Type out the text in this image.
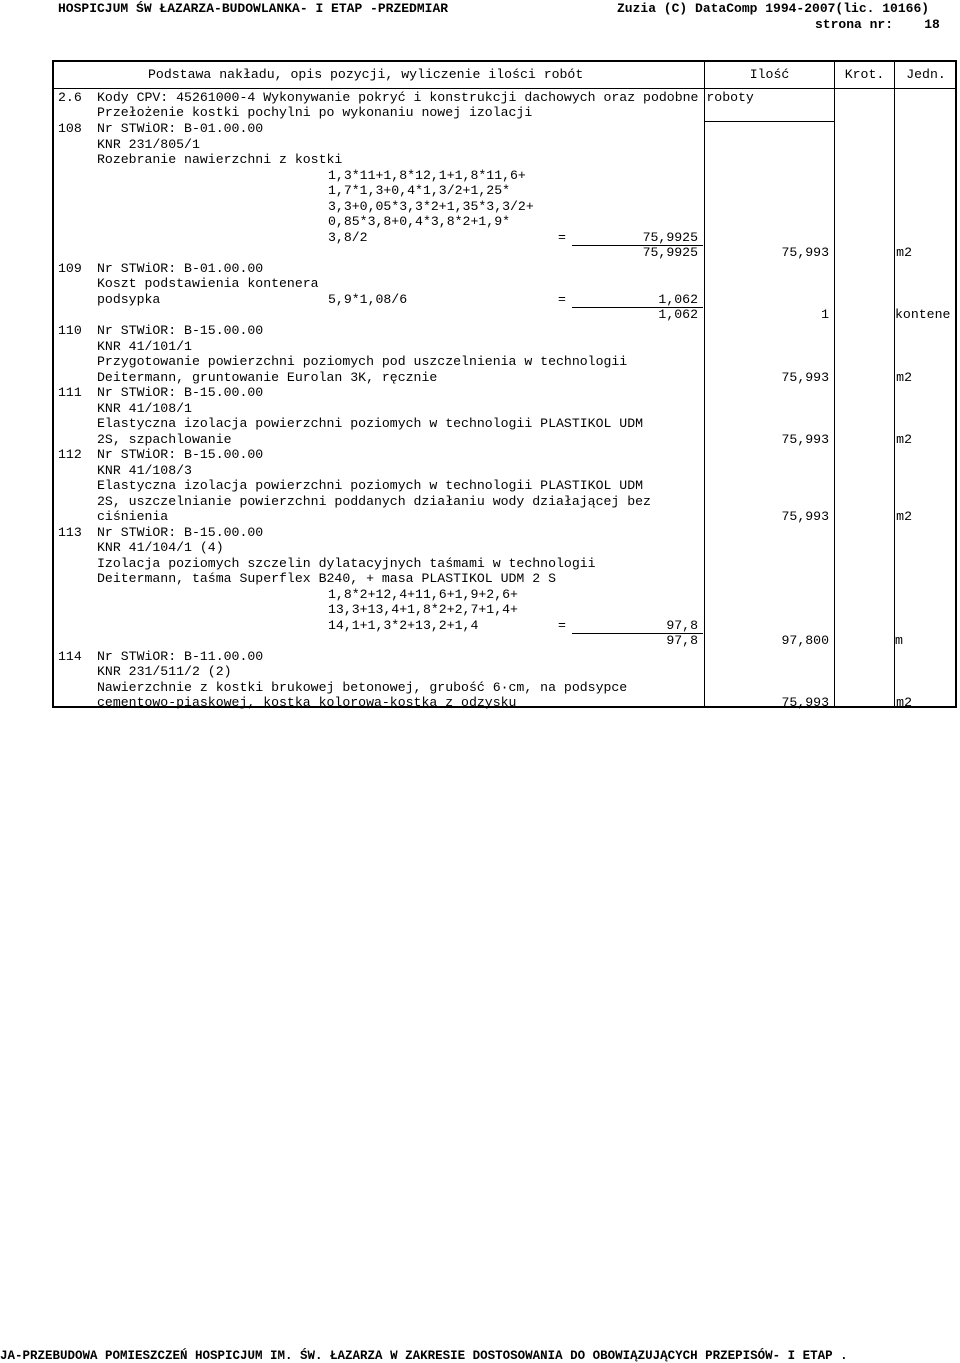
HOSPICJUM ŚW ŁAZARZA-BUDOWLANKA- I ETAP -PRZEDMIAR	Zuzia (C) DataComp 1994-2007(lic. 10166)
strona nr: 18
Podstawa nakładu, opis pozycji, wyliczenie ilości robót	Ilość	Krot.	Jedn.
2.6 Kody CPV: 45261000-4 Wykonywanie pokryć i konstrukcji dachowych oraz podobne roboty
Przełożenie kostki pochylni po wykonaniu nowej izolacji
108 Nr STWiOR: B-01.00.00
KNR 231/805/1
Rozebranie nawierzchni z kostki
1,3*11+1,8*12,1+1,8*11,6+
1,7*1,3+0,4*1,3/2+1,25*
3,3+0,05*3,3*2+1,35*3,3/2+
0,85*3,8+0,4*3,8*2+1,9*
3,8/2	=	75,9925
75,9925	75,993	m2
109 Nr STWiOR: B-01.00.00
Koszt podstawienia kontenera
podsypka	5,9*1,08/6	=	1,062
1,062	1	kontene
110 Nr STWiOR: B-15.00.00
KNR 41/101/1
Przygotowanie powierzchni poziomych pod uszczelnienia w technologii
Deitermann, gruntowanie Eurolan 3K, ręcznie	75,993	m2
111 Nr STWiOR: B-15.00.00
KNR 41/108/1
Elastyczna izolacja powierzchni poziomych w technologii PLASTIKOL UDM
2S, szpachlowanie	75,993	m2
112 Nr STWiOR: B-15.00.00
KNR 41/108/3
Elastyczna izolacja powierzchni poziomych w technologii PLASTIKOL UDM
2S, uszczelnianie powierzchni poddanych działaniu wody działającej bez
ciśnienia	75,993	m2
113 Nr STWiOR: B-15.00.00
KNR 41/104/1 (4)
Izolacja poziomych szczelin dylatacyjnych taśmami w technologii
Deitermann, taśma Superflex B240, + masa PLASTIKOL UDM 2 S
1,8*2+12,4+11,6+1,9+2,6+
13,3+13,4+1,8*2+2,7+1,4+
14,1+1,3*2+13,2+1,4	=	97,8
97,8	97,800	m
114 Nr STWiOR: B-11.00.00
KNR 231/511/2 (2)
Nawierzchnie z kostki brukowej betonowej, grubość 6·cm, na podsypce
cementowo-piaskowej, kostka kolorowa-kostka z odzysku	75,993	m2
JA-PRZEBUDOWA POMIESZCZEŃ HOSPICJUM IM. ŚW. ŁAZARZA W ZAKRESIE DOSTOSOWANIA DO OBOWIĄZUJĄCYCH PRZEPISÓW- I ETAP .
